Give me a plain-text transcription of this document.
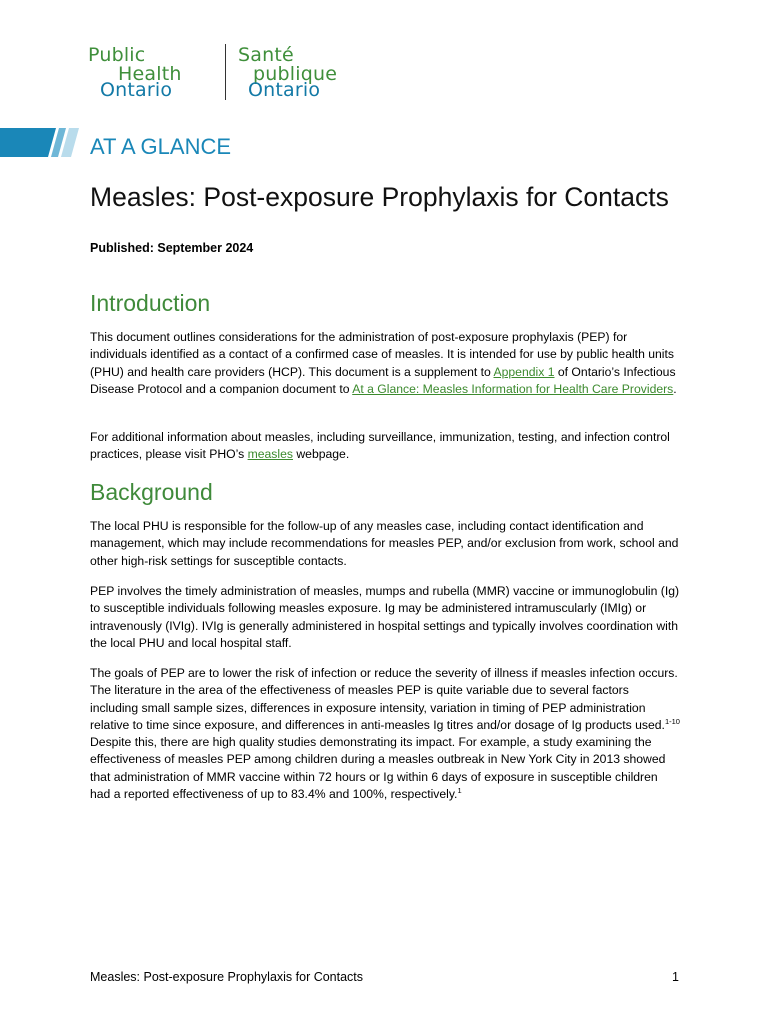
Public
Health
Ontario
Santé
publique
Ontario
AT A GLANCE
Measles: Post-exposure Prophylaxis for Contacts
Published: September 2024
Introduction

This document outlines considerations for the administration of post-exposure prophylaxis (PEP) for individuals identified as a contact of a confirmed case of measles. It is intended for use by public health units (PHU) and health care providers (HCP). This document is a supplement to Appendix 1 of Ontario’s Infectious Disease Protocol and a companion document to At a Glance: Measles Information for Health Care Providers.

For additional information about measles, including surveillance, immunization, testing, and infection control practices, please visit PHO’s measles webpage.

Background

The local PHU is responsible for the follow-up of any measles case, including contact identification and management, which may include recommendations for measles PEP, and/or exclusion from work, school and other high-risk settings for susceptible contacts.

PEP involves the timely administration of measles, mumps and rubella (MMR) vaccine or immunoglobulin (Ig) to susceptible individuals following measles exposure. Ig may be administered intramuscularly (IMIg) or intravenously (IVIg). IVIg is generally administered in hospital settings and typically involves coordination with the local PHU and local hospital staff.

The goals of PEP are to lower the risk of infection or reduce the severity of illness if measles infection occurs. The literature in the area of the effectiveness of measles PEP is quite variable due to several factors including small sample sizes, differences in exposure intensity, variation in timing of PEP administration relative to time since exposure, and differences in anti-measles Ig titres and/or dosage of Ig products used.$^{1-10}$ Despite this, there are high quality studies demonstrating its impact. For example, a study examining the effectiveness of measles PEP among children during a measles outbreak in New York City in 2013 showed that administration of MMR vaccine within 72 hours or Ig within 6 days of exposure in susceptible children had a reported effectiveness of up to 83.4% and 100%, respectively.$^1$

Measles: Post-exposure Prophylaxis for Contacts	1
